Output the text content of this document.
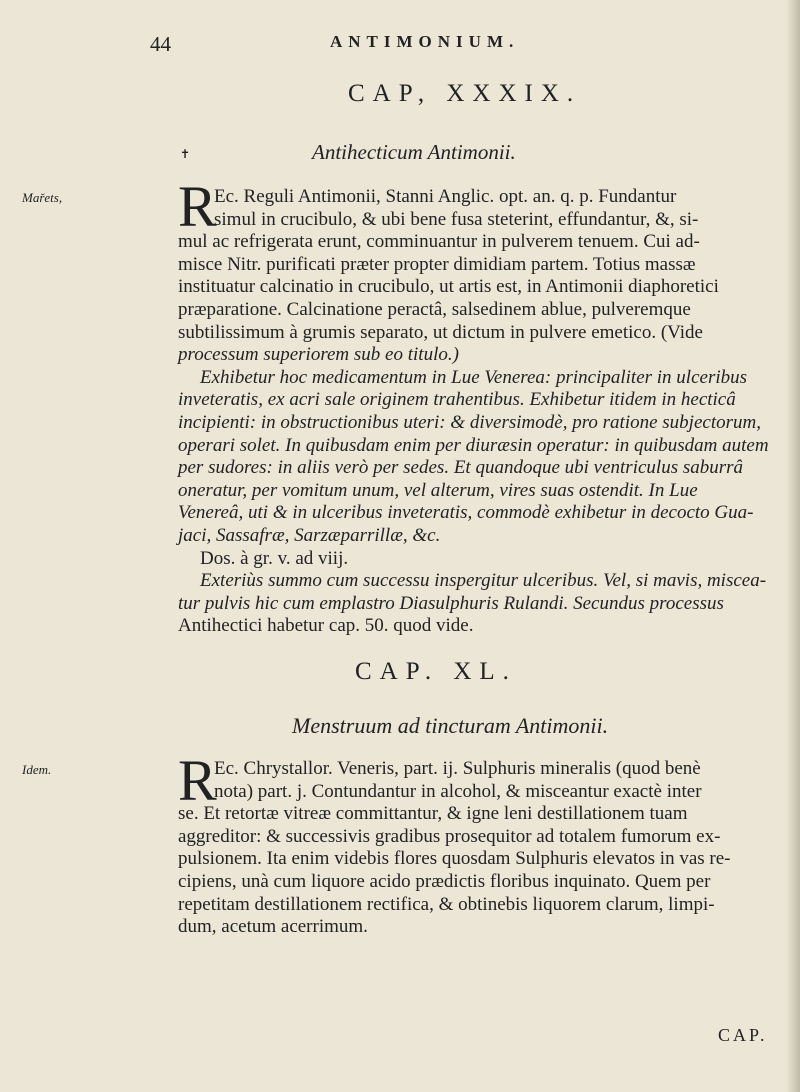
44	ANTIMONIUM.
CAP, XXXIX.
✝	Antihecticum Antimonii.
Mařets, R
Ec. Reguli Antimonii, Stanni Anglic. opt. an. q. p. Fundantur
simul in crucibulo, & ubi bene fusa steterint, effundantur, &, si-
mul ac refrigerata erunt, comminuantur in pulverem tenuem. Cui ad-
misce Nitr. purificati præter propter dimidiam partem. Totius massæ
instituatur calcinatio in crucibulo, ut artis est, in Antimonii diaphoretici
præparatione. Calcinatione peractâ, salsedinem ablue, pulveremque
subtilissimum à grumis separato, ut dictum in pulvere emetico. (Vide
processum superiorem sub eo titulo.)
Exhibetur hoc medicamentum in Lue Venerea: principaliter in ulceribus
inveteratis, ex acri sale originem trahentibus. Exhibetur itidem in hecticâ
incipienti: in obstructionibus uteri: & diversimodè, pro ratione subjectorum,
operari solet. In quibusdam enim per diuræsin operatur: in quibusdam autem
per sudores: in aliis verò per sedes. Et quandoque ubi ventriculus saburrâ
oneratur, per vomitum unum, vel alterum, vires suas ostendit. In Lue
Venereâ, uti & in ulceribus inveteratis, commodè exhibetur in decocto Gua-
jaci, Sassafræ, Sarzæparrillæ, &c.
Dos. à gr. v. ad viij.
Exteriùs summo cum successu inspergitur ulceribus. Vel, si mavis, misceа-
tur pulvis hic cum emplastro Diasulphuris Rulandi. Secundus processus
Antihectici habetur cap. 50. quod vide.
CAP. XL.
Menstruum ad tincturam Antimonii.
Idem. R
Ec. Chrystallor. Veneris, part. ij. Sulphuris mineralis (quod benè
nota) part. j. Contundantur in alcohol, & misceantur exactè inter
se. Et retortæ vitreæ committantur, & igne leni destillationem tuam
aggreditor: & successivis gradibus prosequitor ad totalem fumorum ex-
pulsionem. Ita enim videbis flores quosdam Sulphuris elevatos in vas re-
cipiens, unà cum liquore acido prædictis floribus inquinato. Quem per
repetitam destillationem rectifica, & obtinebis liquorem clarum, limpi-
dum, acetum acerrimum.
CAP.
